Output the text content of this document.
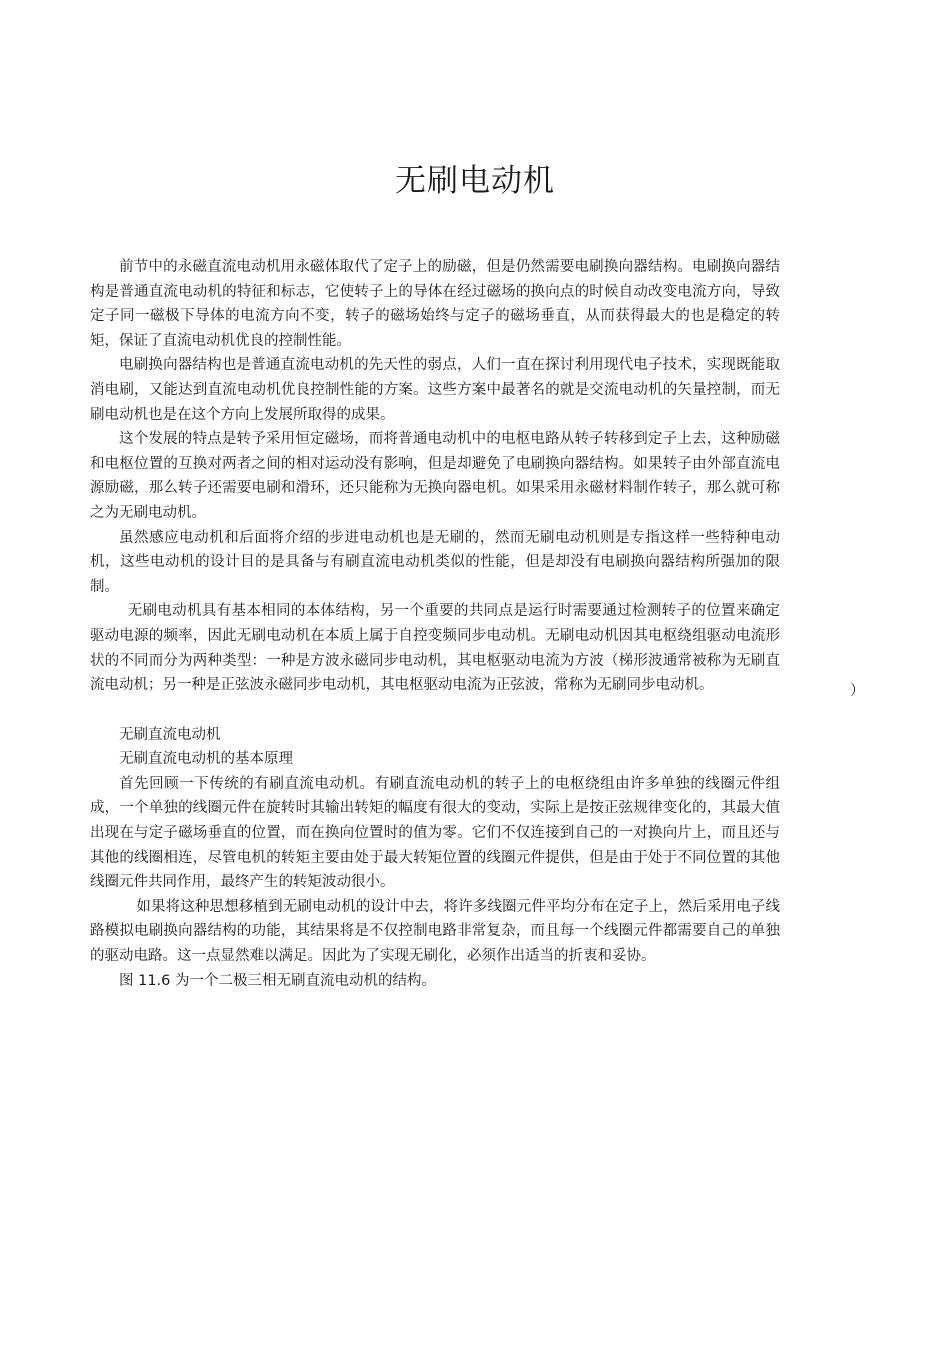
无刷电动机

前节中的永磁直流电动机用永磁体取代了定子上的励磁，但是仍然需要电刷换向器结构。电刷换向器结构是普通直流电动机的特征和标志，它使转子上的导体在经过磁场的换向点的时候自动改变电流方向，导致定子同一磁极下导体的电流方向不变，转子的磁场始终与定子的磁场垂直，从而获得最大的也是稳定的转矩，保证了直流电动机优良的控制性能。

电刷换向器结构也是普通直流电动机的先天性的弱点，人们一直在探讨利用现代电子技术，实现既能取消电刷，又能达到直流电动机优良控制性能的方案。这些方案中最著名的就是交流电动机的矢量控制，而无刷电动机也是在这个方向上发展所取得的成果。

这个发展的特点是转予采用恒定磁场，而将普通电动机中的电枢电路从转子转移到定子上去，这种励磁和电枢位置的互换对两者之间的相对运动没有影响，但是却避免了电刷换向器结构。如果转子由外部直流电源励磁，那么转子还需要电刷和滑环，还只能称为无换向器电机。如果采用永磁材料制作转子，那么就可称之为无刷电动机。

虽然感应电动机和后面将介绍的步进电动机也是无刷的，然而无刷电动机则是专指这样一些特种电动机，这些电动机的设计目的是具备与有刷直流电动机类似的性能，但是却没有电刷换向器结构所强加的限制。

无刷电动机具有基本相同的本体结构，另一个重要的共同点是运行时需要通过检测转子的位置来确定驱动电源的频率，因此无刷电动机在本质上属于自控变频同步电动机。无刷电动机因其电枢绕组驱动电流形状的不同而分为两种类型：一种是方波永磁同步电动机，其电枢驱动电流为方波（梯形波通常被称为无刷直流电动机；另一种是正弦波永磁同步电动机，其电枢驱动电流为正弦波，常称为无刷同步电动机。

无刷直流电动机

无刷直流电动机的基本原理

首先回顾一下传统的有刷直流电动机。有刷直流电动机的转子上的电枢绕组由许多单独的线圈元件组成，一个单独的线圈元件在旋转时其输出转矩的幅度有很大的变动，实际上是按正弦规律变化的，其最大值出现在与定子磁场垂直的位置，而在换向位置时的值为零。它们不仅连接到自己的一对换向片上，而且还与其他的线圈相连，尽管电机的转矩主要由处于最大转矩位置的线圈元件提供，但是由于处于不同位置的其他线圈元件共同作用，最终产生的转矩波动很小。

如果将这种思想移植到无刷电动机的设计中去，将许多线圈元件平均分布在定子上，然后采用电子线路模拟电刷换向器结构的功能，其结果将是不仅控制电路非常复杂，而且每一个线圈元件都需要自己的单独的驱动电路。这一点显然难以满足。因此为了实现无刷化，必须作出适当的折衷和妥协。

图 11.6 为一个二极三相无刷直流电动机的结构。

）
